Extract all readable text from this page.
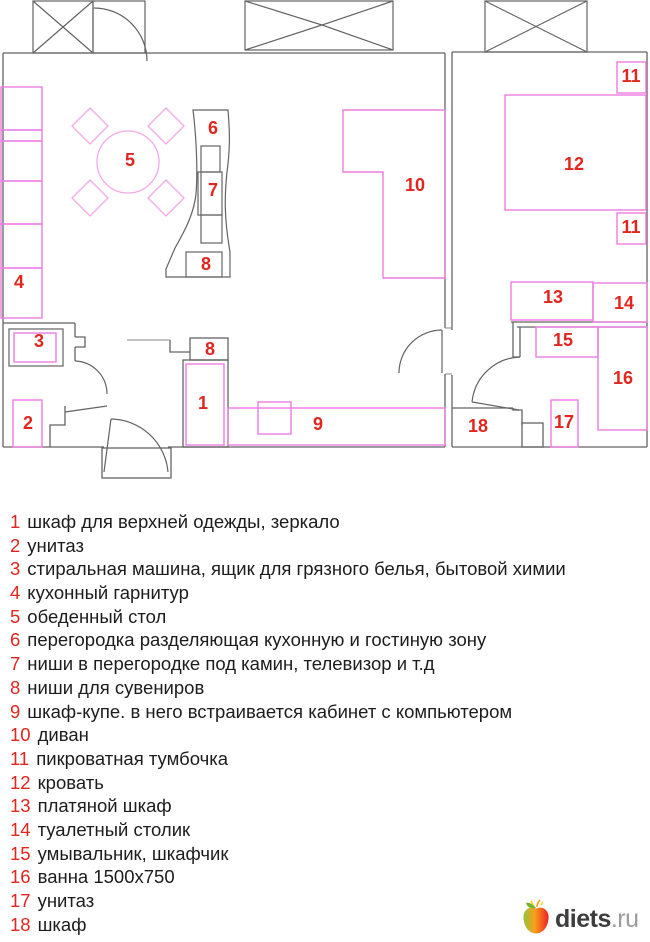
1
2
3
4
5
6
7
8
8
9
10
11
11
12
13	14
15
16
17
18
1 шкаф для верхней одежды, зеркало
2 унитаз
3 стиральная машина, ящик для грязного белья, бытовой химии
4 кухонный гарнитур
5 обеденный стол
6 перегородка разделяющая кухонную и гостиную зону
7 ниши в перегородке под камин, телевизор и т.д
8 ниши для сувениров
9 шкаф-купе. в него встраивается кабинет с компьютером
10 диван
11 пикроватная тумбочка
12 кровать
13 платяной шкаф
14 туалетный столик
15 умывальник, шкафчик
16 ванна 1500х750
17 унитаз
18 шкаф	diets.ru
